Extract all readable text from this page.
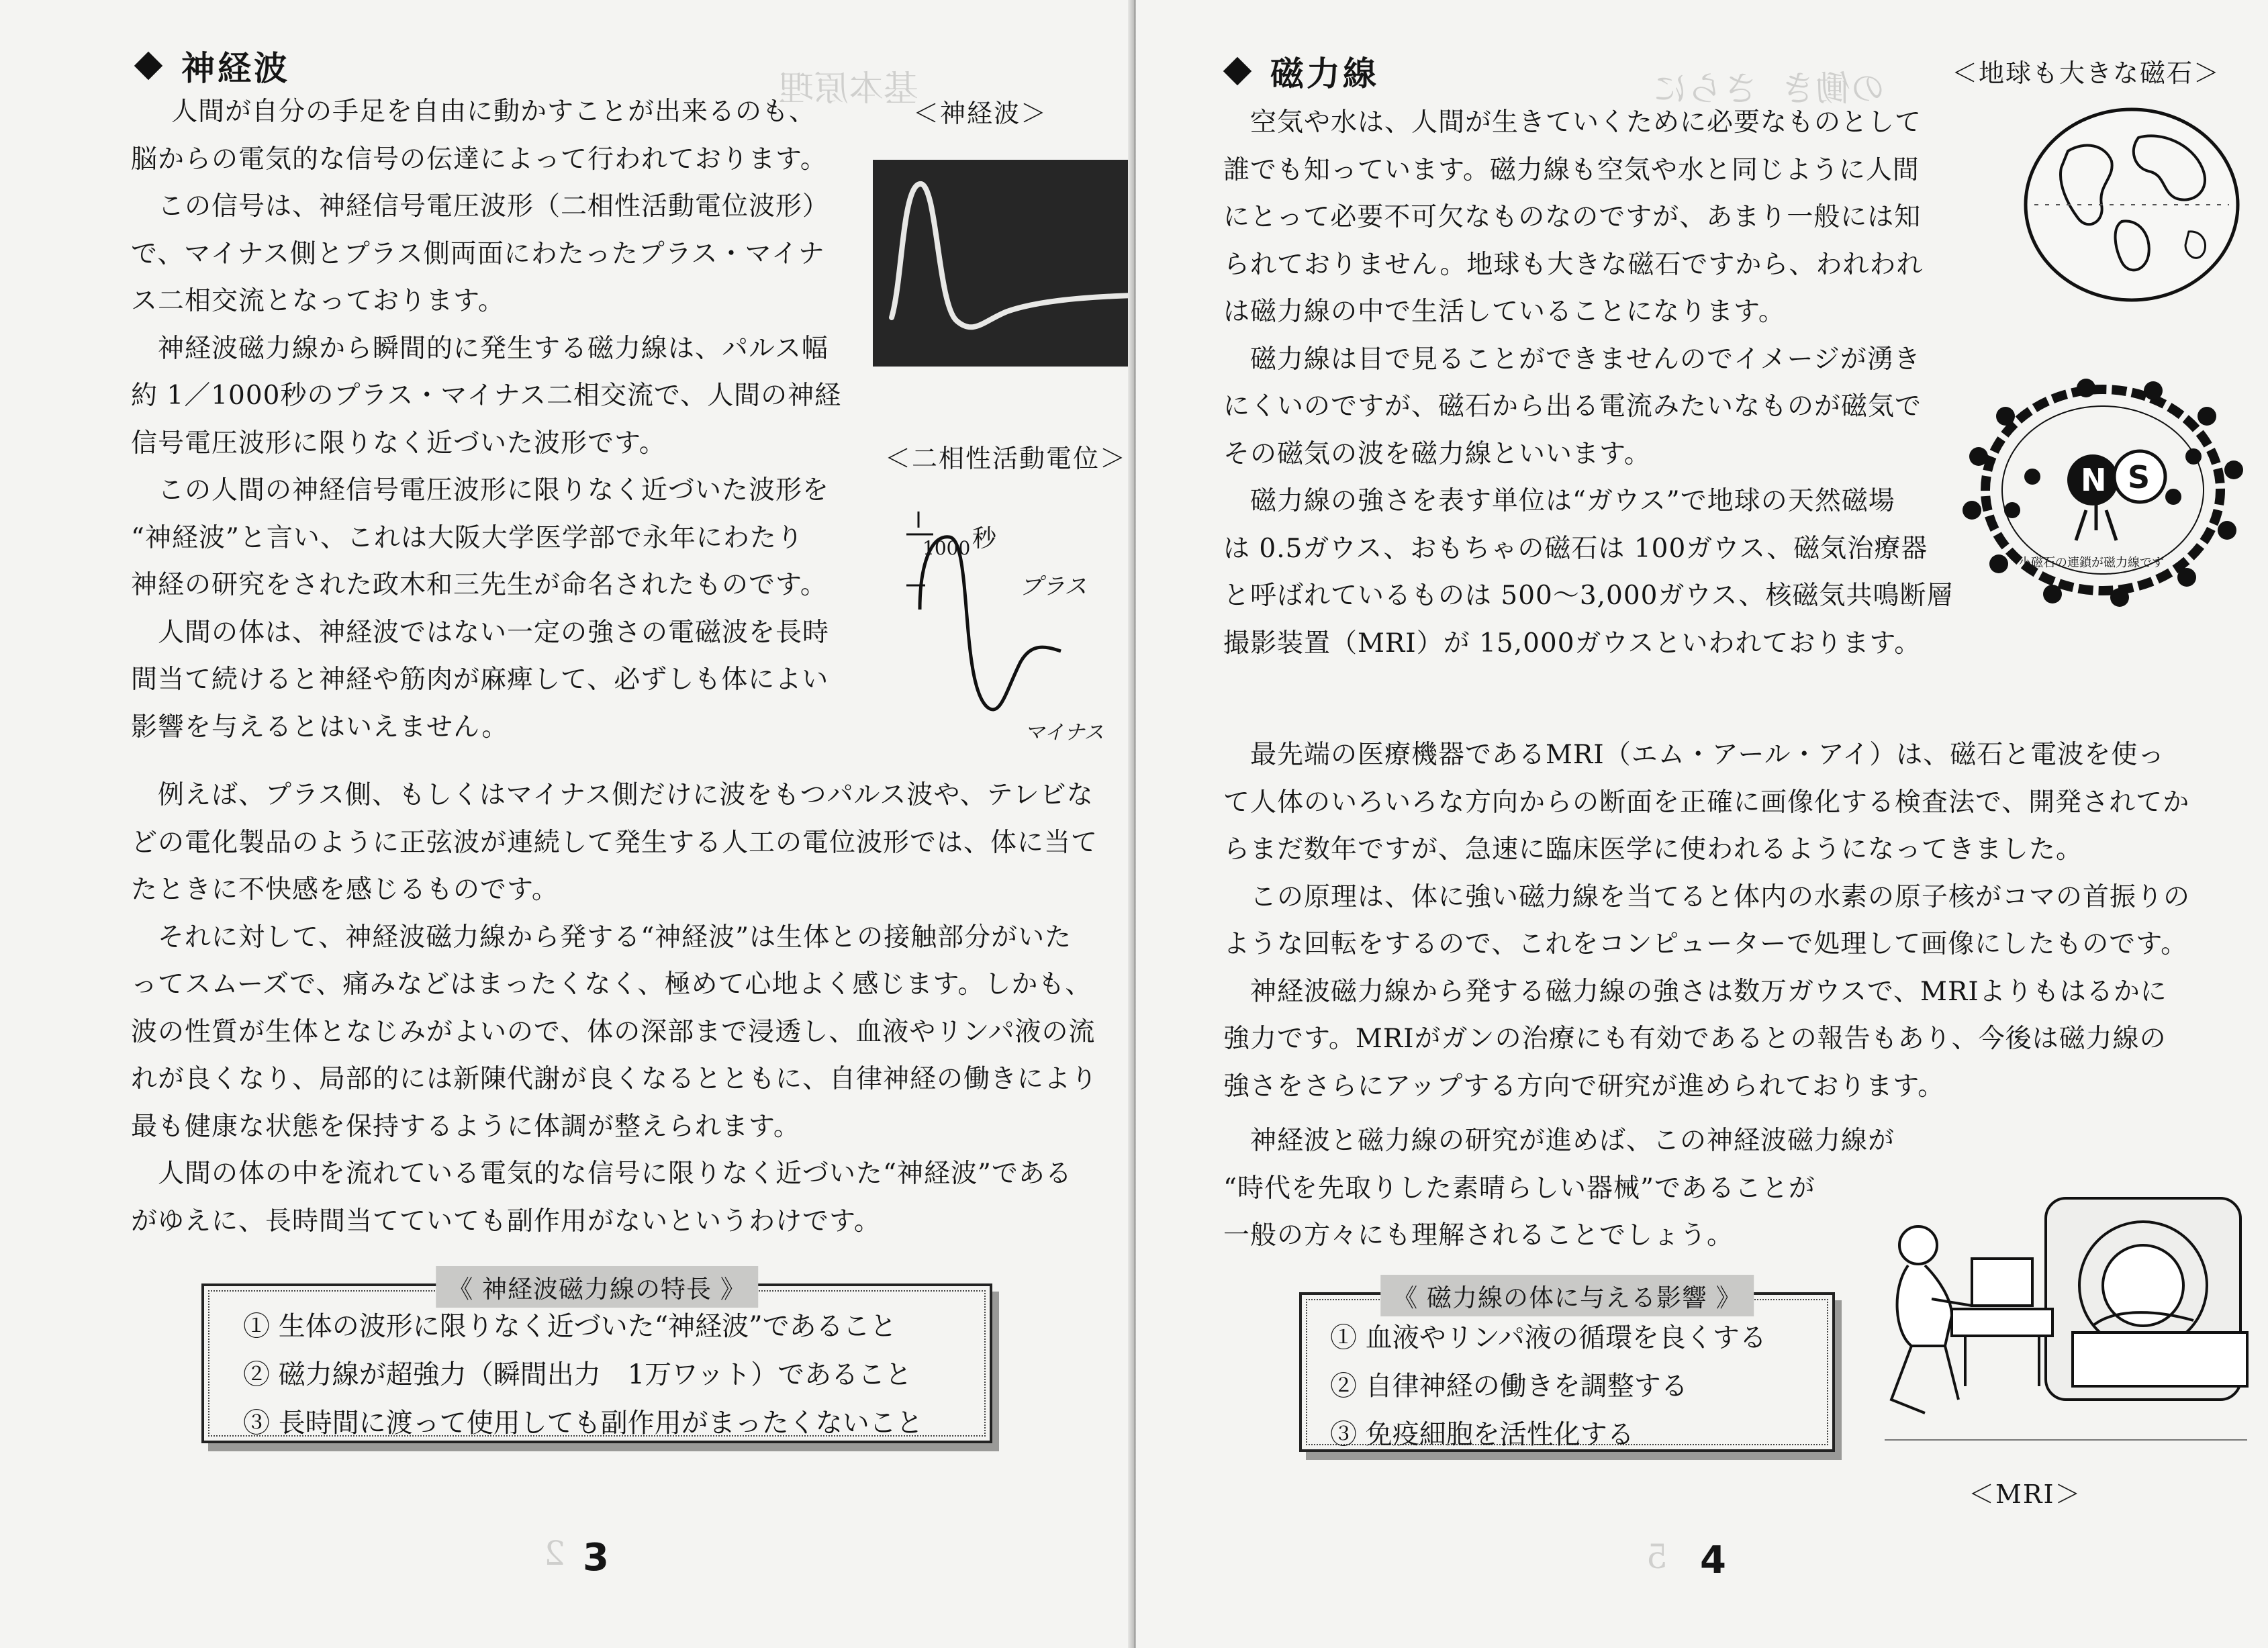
基本原理
2
神経波
＜神経波＞
＜二相性活動電位＞
1000 秒
プラス
マイナス

人間が自分の手足を自由に動かすことが出来るのも、
脳からの電気的な信号の伝達によって行われております。

この信号は、神経信号電圧波形（二相性活動電位波形）
で、マイナス側とプラス側両面にわたったプラス・マイナ
ス二相交流となっております。

神経波磁力線から瞬間的に発生する磁力線は、パルス幅
約 1／1000秒のプラス・マイナス二相交流で、人間の神経
信号電圧波形に限りなく近づいた波形です。

この人間の神経信号電圧波形に限りなく近づいた波形を
“神経波”と言い、これは大阪大学医学部で永年にわたり
神経の研究をされた政木和三先生が命名されたものです。

人間の体は、神経波ではない一定の強さの電磁波を長時
間当て続けると神経や筋肉が麻痺して、必ずしも体によい
影響を与えるとはいえません。

例えば、プラス側、もしくはマイナス側だけに波をもつパルス波や、テレビな
どの電化製品のように正弦波が連続して発生する人工の電位波形では、体に当て
たときに不快感を感じるものです。

それに対して、神経波磁力線から発する“神経波”は生体との接触部分がいた
ってスムーズで、痛みなどはまったくなく、極めて心地よく感じます。しかも、
波の性質が生体となじみがよいので、体の深部まで浸透し、血液やリンパ液の流
れが良くなり、局部的には新陳代謝が良くなるとともに、自律神経の働きにより
最も健康な状態を保持するように体調が整えられます。

人間の体の中を流れている電気的な信号に限りなく近づいた“神経波”である
がゆえに、長時間当てていても副作用がないというわけです。

《 神経波磁力線の特長 》
① 生体の波形に限りなく近づいた“神経波”であること
② 磁力線が超強力（瞬間出力　1万ワット）であること
③ 長時間に渡って使用しても副作用がまったくないこと
3
さらに の働き
5
磁力線	＜地球も大きな磁石＞
N S
小磁石の連鎖が磁力線です

空気や水は、人間が生きていくために必要なものとして
誰でも知っています。磁力線も空気や水と同じように人間
にとって必要不可欠なものなのですが、あまり一般には知
られておりません。地球も大きな磁石ですから、われわれ
は磁力線の中で生活していることになります。

磁力線は目で見ることができませんのでイメージが湧き
にくいのですが、磁石から出る電流みたいなものが磁気で
その磁気の波を磁力線といいます。

磁力線の強さを表す単位は“ガウス”で地球の天然磁場
は 0.5ガウス、おもちゃの磁石は 100ガウス、磁気治療器
と呼ばれているものは 500～3,000ガウス、核磁気共鳴断層
撮影装置（MRI）が 15,000ガウスといわれております。

最先端の医療機器であるMRI（エム・アール・アイ）は、磁石と電波を使っ
て人体のいろいろな方向からの断面を正確に画像化する検査法で、開発されてか
らまだ数年ですが、急速に臨床医学に使われるようになってきました。

この原理は、体に強い磁力線を当てると体内の水素の原子核がコマの首振りの
ような回転をするので、これをコンピューターで処理して画像にしたものです。

神経波磁力線から発する磁力線の強さは数万ガウスで、MRIよりもはるかに
強力です。MRIがガンの治療にも有効であるとの報告もあり、今後は磁力線の
強さをさらにアップする方向で研究が進められております。

神経波と磁力線の研究が進めば、この神経波磁力線が
“時代を先取りした素晴らしい器械”であることが
一般の方々にも理解されることでしょう。

《 磁力線の体に与える影響 》
① 血液やリンパ液の循環を良くする
② 自律神経の働きを調整する
③ 免疫細胞を活性化する
＜MRI＞
4
